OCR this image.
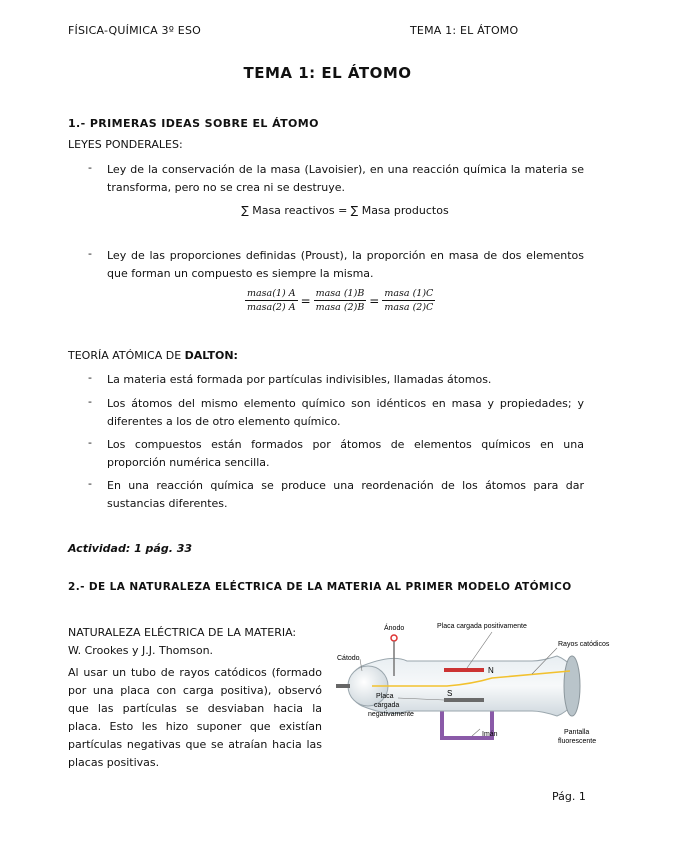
FÍSICA-QUÍMICA 3º ESO	TEMA 1: EL ÁTOMO
TEMA 1: EL ÁTOMO
1.- PRIMERAS IDEAS SOBRE EL ÁTOMO
LEYES PONDERALES:
- Ley de la conservación de la masa (Lavoisier), en una reacción química la materia se transforma, pero no se crea ni se destruye.
∑ Masa reactivos = ∑ Masa productos
- Ley de las proporciones definidas (Proust), la proporción en masa de dos elementos que forman un compuesto es siempre la misma.
$\frac{\text{masa(1) A}}{\text{masa(2) A}} = \frac{\text{masa (1)B}}{\text{masa (2)B}} = \frac{\text{masa (1)C}}{\text{masa (2)C}}$
TEORÍA ATÓMICA DE DALTON:
- La materia está formada por partículas indivisibles, llamadas átomos.
- Los átomos del mismo elemento químico son idénticos en masa y propiedades; y diferentes a los de otro elemento químico.
- Los compuestos están formados por átomos de elementos químicos en una proporción numérica sencilla.
- En una reacción química se produce una reordenación de los átomos para dar sustancias diferentes.
Actividad: 1 pág. 33
2.- DE LA NATURALEZA ELÉCTRICA DE LA MATERIA AL PRIMER MODELO ATÓMICO
NATURALEZA ELÉCTRICA DE LA MATERIA:
W. Crookes y J.J. Thomson.
Al usar un tubo de rayos catódicos (formado por una placa con carga positiva), observó que las partículas se desviaban hacia la placa. Esto les hizo suponer que existían partículas negativas que se atraían hacia las placas positivas.
Ánodo	Placa cargada positivamente
Cátodo
Rayos catódicos
N
S
Placa
cargada
negativamente
Imán	Pantalla
fluorescente
Pág. 1
